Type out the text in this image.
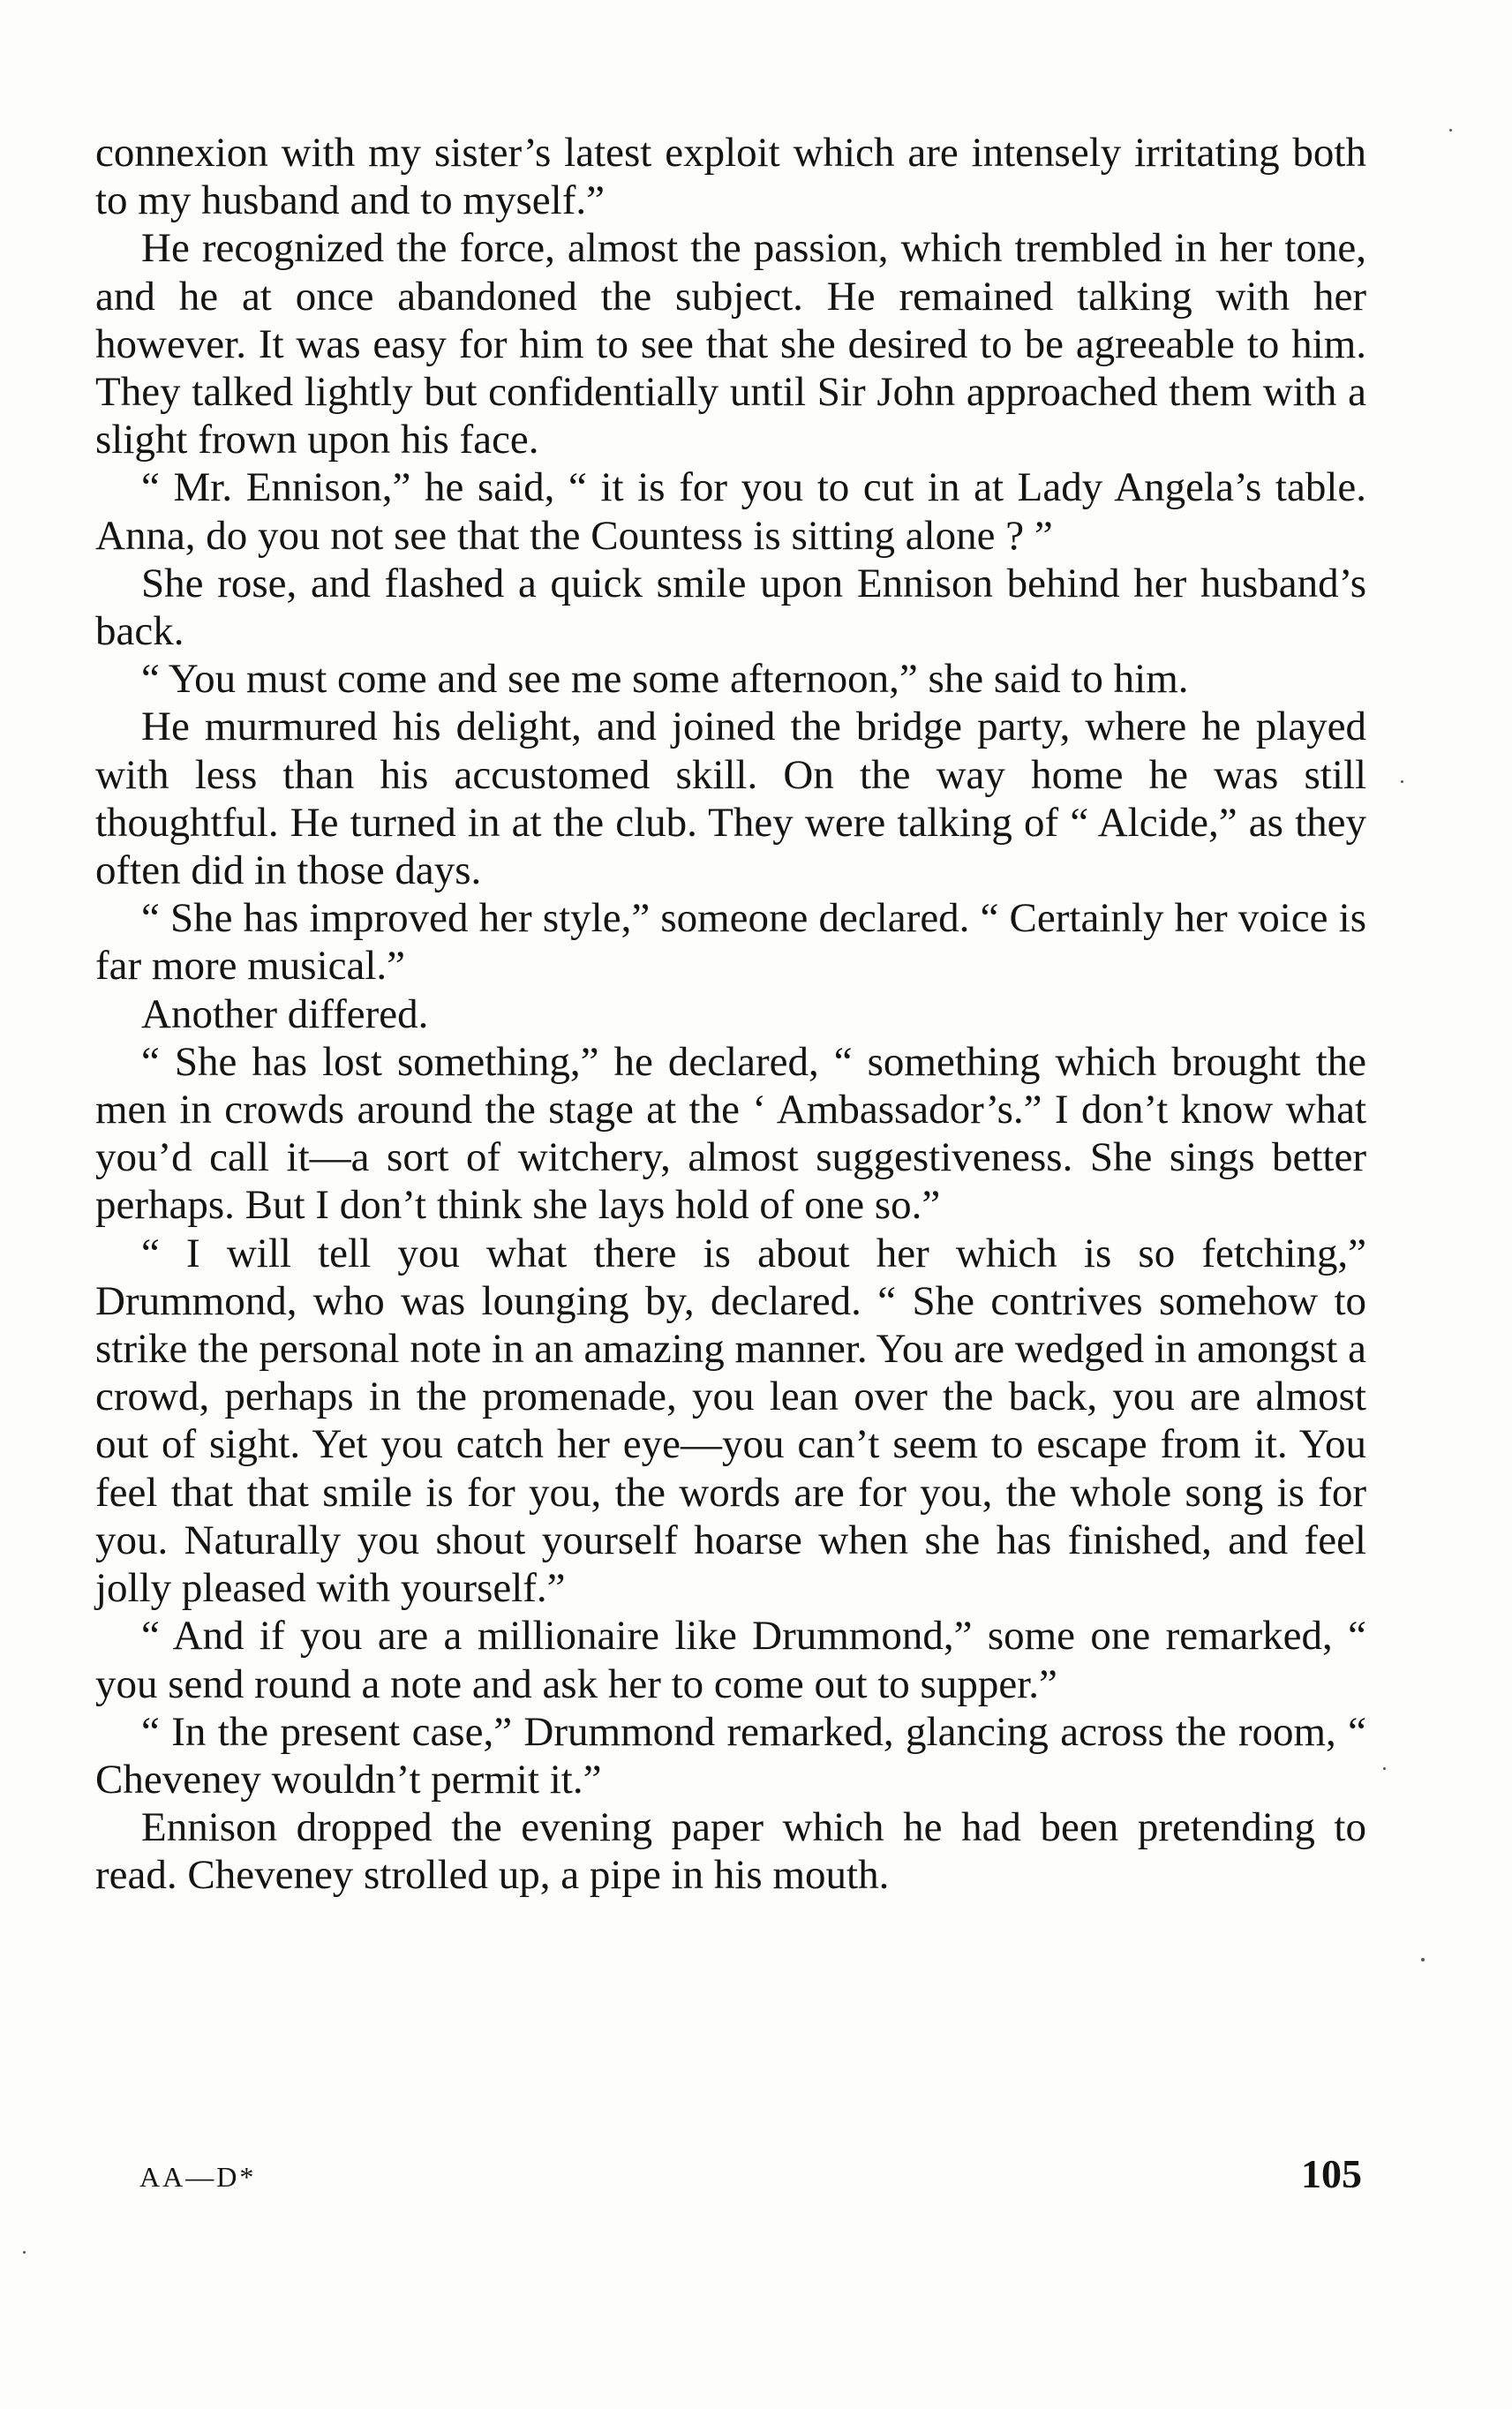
connexion with my sister’s latest exploit which are intensely irritating both to my husband and to myself.”

He recognized the force, almost the passion, which trembled in her tone, and he at once abandoned the subject. He remained talking with her however. It was easy for him to see that she desired to be agreeable to him. They talked lightly but confidentially until Sir John approached them with a slight frown upon his face.

“ Mr. Ennison,” he said, “ it is for you to cut in at Lady Angela’s table. Anna, do you not see that the Countess is sitting alone ? ”

She rose, and flashed a quick smile upon Ennison behind her husband’s back.

“ You must come and see me some afternoon,” she said to him.

He murmured his delight, and joined the bridge party, where he played with less than his accustomed skill. On the way home he was still thoughtful. He turned in at the club. They were talking of “ Alcide,” as they often did in those days.

“ She has improved her style,” someone declared. “ Certainly her voice is far more musical.”

Another differed.

“ She has lost something,” he declared, “ something which brought the men in crowds around the stage at the ‘ Ambassador’s.” I don’t know what you’d call it—a sort of witchery, almost suggestiveness. She sings better perhaps. But I don’t think she lays hold of one so.”

“ I will tell you what there is about her which is so fetching,” Drummond, who was lounging by, declared. “ She contrives somehow to strike the personal note in an amazing manner. You are wedged in amongst a crowd, perhaps in the promenade, you lean over the back, you are almost out of sight. Yet you catch her eye—you can’t seem to escape from it. You feel that that smile is for you, the words are for you, the whole song is for you. Naturally you shout yourself hoarse when she has finished, and feel jolly pleased with yourself.”

“ And if you are a millionaire like Drummond,” some one remarked, “ you send round a note and ask her to come out to supper.”

“ In the present case,” Drummond remarked, glancing across the room, “ Cheveney wouldn’t permit it.”

Ennison dropped the evening paper which he had been pretending to read. Cheveney strolled up, a pipe in his mouth.

AA—D*	105
